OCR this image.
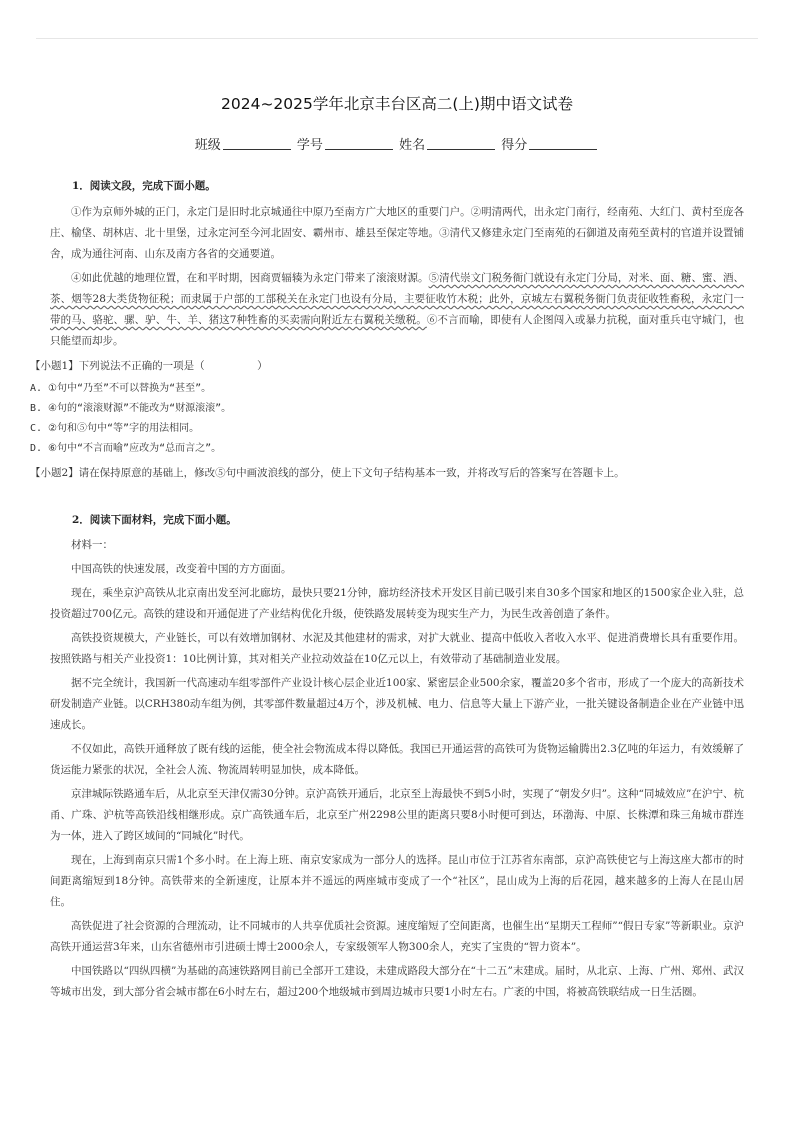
2024~2025学年北京丰台区高二(上)期中语文试卷
班级	学号	姓名	得分

1．阅读文段，完成下面小题。

①作为京师外城的正门，永定门是旧时北京城通往中原乃至南方广大地区的重要门户。②明清两代，出永定门南行，经南苑、大红门、黄村至庞各庄、榆垡、胡林店、北十里堡，过永定河至今河北固安、霸州市、雄县至保定等地。③清代又修建永定门至南苑的石御道及南苑至黄村的官道并设置铺舍，成为通往河南、山东及南方各省的交通要道。

④如此优越的地理位置，在和平时期，因商贾辐辏为永定门带来了滚滚财源。⑤清代崇文门税务衙门就设有永定门分局，对米、面、糖、蜜、酒、茶、烟等28大类货物征税；而隶属于户部的工部税关在永定门也设有分局，主要征收竹木税；此外，京城左右翼税务衙门负责征收牲畜税，永定门一带的马、骆驼、骡、驴、牛、羊、猪这7种牲畜的买卖需向附近左右翼税关缴税。⑥不言而喻，即使有人企图闯入或暴力抗税，面对重兵屯守城门，也只能望而却步。

【小题1】下列说法不正确的一项是（　　　　　）

A. ①句中“乃至”不可以替换为“甚至”。

B. ④句的“滚滚财源”不能改为“财源滚滚”。

C. ②句和⑤句中“等”字的用法相同。

D. ⑥句中“不言而喻”应改为“总而言之”。

【小题2】请在保持原意的基础上，修改⑤句中画波浪线的部分，使上下文句子结构基本一致，并将改写后的答案写在答题卡上。

2．阅读下面材料，完成下面小题。

材料一：

中国高铁的快速发展，改变着中国的方方面面。

现在，乘坐京沪高铁从北京南出发至河北廊坊，最快只要21分钟，廊坊经济技术开发区目前已吸引来自30多个国家和地区的1500家企业入驻，总投资超过700亿元。高铁的建设和开通促进了产业结构优化升级，使铁路发展转变为现实生产力，为民生改善创造了条件。

高铁投资规模大，产业链长，可以有效增加钢材、水泥及其他建材的需求，对扩大就业、提高中低收入者收入水平、促进消费增长具有重要作用。按照铁路与相关产业投资1：10比例计算，其对相关产业拉动效益在10亿元以上，有效带动了基础制造业发展。

据不完全统计，我国新一代高速动车组零部件产业设计核心层企业近100家、紧密层企业500余家，覆盖20多个省市，形成了一个庞大的高新技术研发制造产业链。以CRH380动车组为例，其零部件数量超过4万个，涉及机械、电力、信息等大量上下游产业，一批关键设备制造企业在产业链中迅速成长。

不仅如此，高铁开通释放了既有线的运能，使全社会物流成本得以降低。我国已开通运营的高铁可为货物运输腾出2.3亿吨的年运力，有效缓解了货运能力紧张的状况，全社会人流、物流周转明显加快，成本降低。

京津城际铁路通车后，从北京至天津仅需30分钟。京沪高铁开通后，北京至上海最快不到5小时，实现了“朝发夕归”。这种“同城效应”在沪宁、杭甬、广珠、沪杭等高铁沿线相继形成。京广高铁通车后，北京至广州2298公里的距离只要8小时便可到达，环渤海、中原、长株潭和珠三角城市群连为一体，进入了跨区域间的“同城化”时代。

现在，上海到南京只需1个多小时。在上海上班、南京安家成为一部分人的选择。昆山市位于江苏省东南部，京沪高铁使它与上海这座大都市的时间距离缩短到18分钟。高铁带来的全新速度，让原本并不遥远的两座城市变成了一个“社区”，昆山成为上海的后花园，越来越多的上海人在昆山居住。

高铁促进了社会资源的合理流动，让不同城市的人共享优质社会资源。速度缩短了空间距离，也催生出“星期天工程师”“假日专家”等新职业。京沪高铁开通运营3年来，山东省德州市引进硕士博士2000余人，专家级领军人物300余人，充实了宝贵的“智力资本”。

中国铁路以“四纵四横”为基础的高速铁路网目前已全部开工建设，未建成路段大部分在“十二五”末建成。届时，从北京、上海、广州、郑州、武汉等城市出发，到大部分省会城市都在6小时左右，超过200个地级城市到周边城市只要1小时左右。广袤的中国，将被高铁联结成一日生活圈。
